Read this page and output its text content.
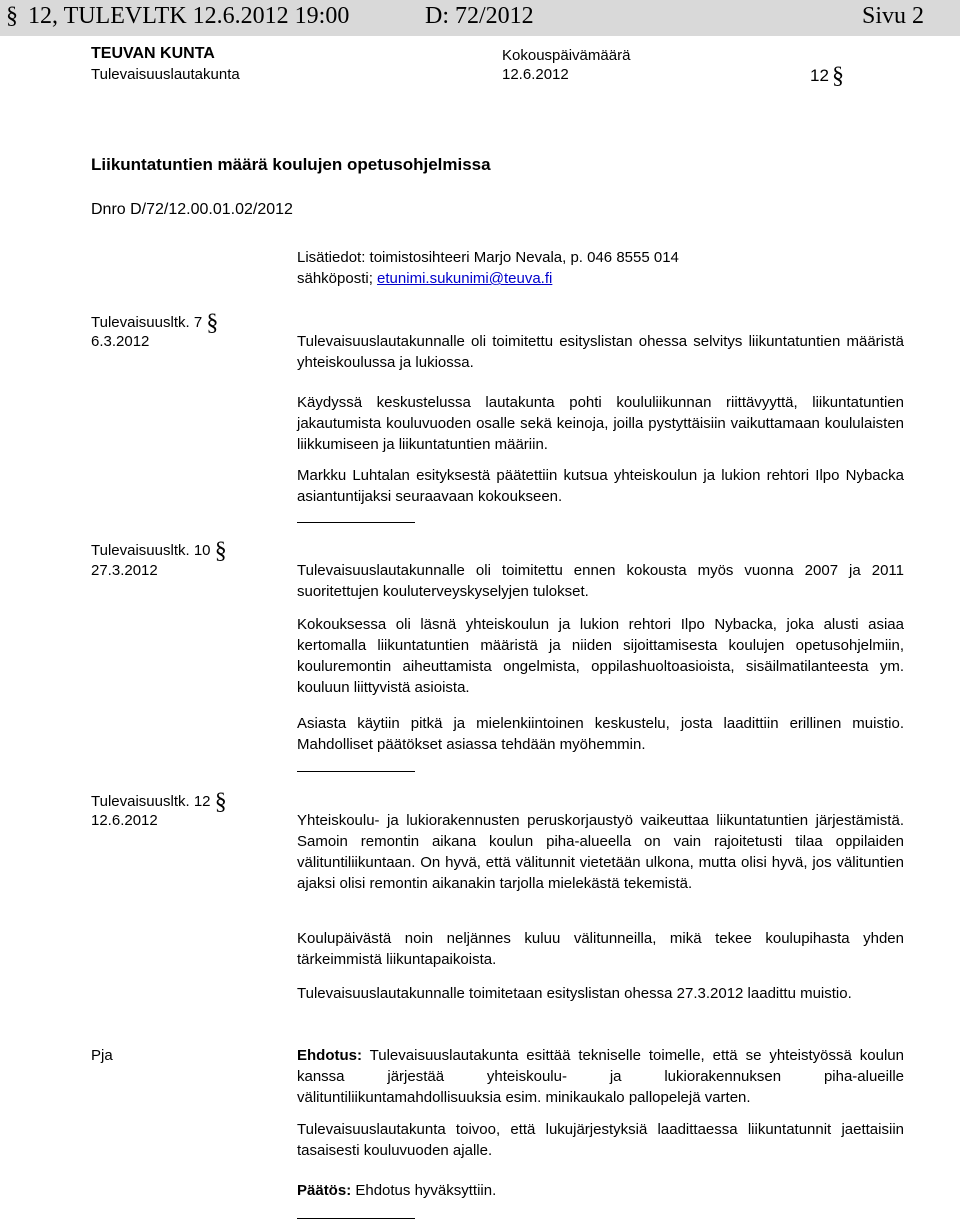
§ 12, TULEVLTK 12.6.2012 19:00	D: 72/2012	Sivu 2
TEUVAN KUNTA
Tulevaisuuslautakunta
Kokouspäivämäärä
12.6.2012	12 §
Liikuntatuntien määrä koulujen opetusohjelmissa
Dnro D/72/12.00.01.02/2012
Lisätiedot: toimistosihteeri Marjo Nevala, p. 046 8555 014
sähköposti; etunimi.sukunimi@teuva.fi
Tulevaisuusltk. 7 §
6.3.2012	Tulevaisuuslautakunnalle oli toimitettu esityslistan ohessa selvitys liikuntatuntien määristä yhteiskoulussa ja lukiossa.
Käydyssä keskustelussa lautakunta pohti koululiikunnan riittävyyttä, liikuntatuntien jakautumista kouluvuoden osalle sekä keinoja, joilla pystyttäisiin vaikuttamaan koululaisten liikkumiseen ja liikuntatuntien määriin.
Markku Luhtalan esityksestä päätettiin kutsua yhteiskoulun ja lukion rehtori Ilpo Nybacka asiantuntijaksi seuraavaan kokoukseen.
Tulevaisuusltk. 10 §
27.3.2012	Tulevaisuuslautakunnalle oli toimitettu ennen kokousta myös vuonna 2007 ja 2011 suoritettujen kouluterveyskyselyjen tulokset.
Kokouksessa oli läsnä yhteiskoulun ja lukion rehtori Ilpo Nybacka, joka alusti asiaa kertomalla liikuntatuntien määristä ja niiden sijoittamisesta koulujen opetusohjelmiin, kouluremontin aiheuttamista ongelmista, oppilashuoltoasioista, sisäilmatilanteesta ym. kouluun liittyvistä asioista.
Asiasta käytiin pitkä ja mielenkiintoinen keskustelu, josta laadittiin erillinen muistio. Mahdolliset päätökset asiassa tehdään myöhemmin.
Tulevaisuusltk. 12 §
12.6.2012	Yhteiskoulu- ja lukiorakennusten peruskorjaustyö vaikeuttaa liikuntatuntien järjestämistä. Samoin remontin aikana koulun piha-alueella on vain rajoitetusti tilaa oppilaiden välituntiliikuntaan. On hyvä, että välitunnit vietetään ulkona, mutta olisi hyvä, jos välituntien ajaksi olisi remontin aikanakin tarjolla mielekästä tekemistä.
Koulupäivästä noin neljännes kuluu välitunneilla, mikä tekee koulupihasta yhden tärkeimmistä liikuntapaikoista.
Tulevaisuuslautakunnalle toimitetaan esityslistan ohessa 27.3.2012 laadittu muistio.
Pja	Ehdotus: Tulevaisuuslautakunta esittää tekniselle toimelle, että se yhteistyössä koulun kanssa järjestää yhteiskoulu- ja lukiorakennuksen piha-alueille välituntiliikuntamahdollisuuksia esim. minikaukalo pallopelejä varten.
Tulevaisuuslautakunta toivoo, että lukujärjestyksiä laadittaessa liikuntatunnit jaettaisiin tasaisesti kouluvuoden ajalle.
Päätös: Ehdotus hyväksyttiin.
